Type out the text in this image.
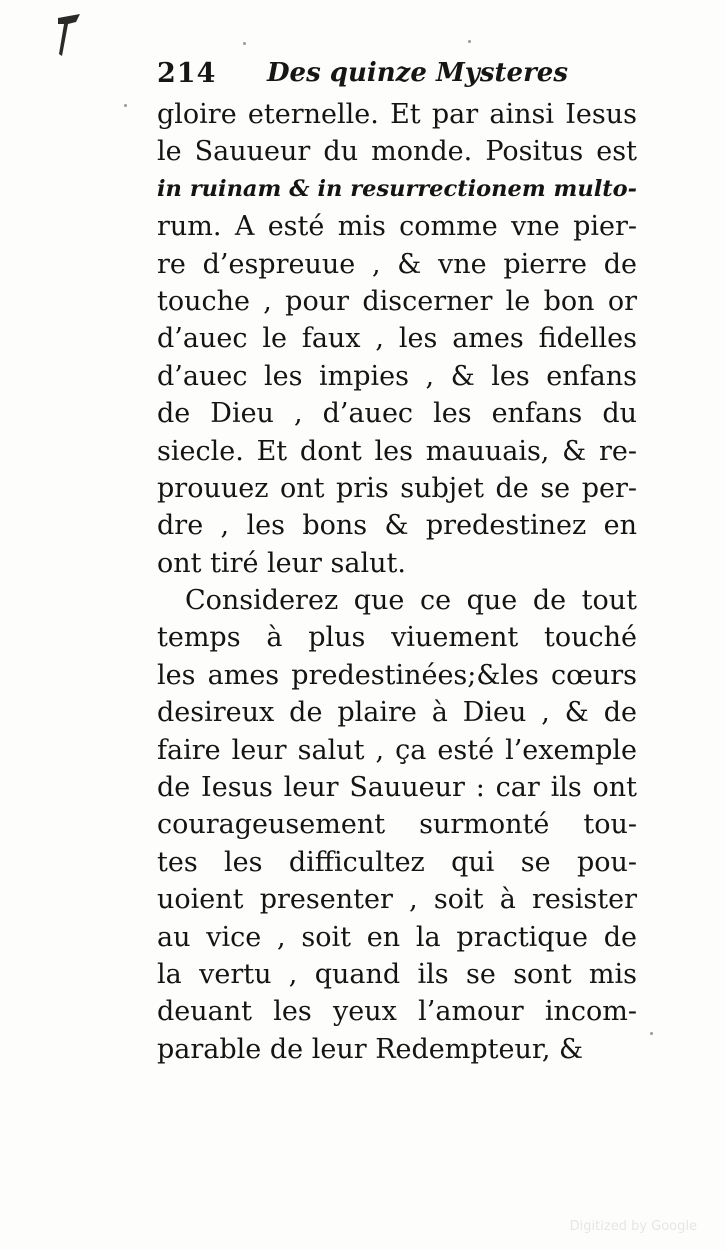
214 Des quinze Mysteres
gloire eternelle. Et par ainsi Iesus
le Sauueur du monde. Positus est
in ruinam & in resurrectionem multo-
rum. A esté mis comme vne pier-
re d’espreuue , & vne pierre de
touche , pour discerner le bon or
d’auec le faux , les ames fidelles
d’auec les impies , & les enfans
de Dieu , d’auec les enfans du
siecle. Et dont les mauuais, & re-
prouuez ont pris subjet de se per-
dre , les bons & predestinez en
ont tiré leur salut.
Considerez que ce que de tout
temps à plus viuement touché
les ames predestinées;&les cœurs
desireux de plaire à Dieu , & de
faire leur salut , ça esté l’exemple
de Iesus leur Sauueur : car ils ont
courageusement surmonté tou-
tes les difficultez qui se pou-
uoient presenter , soit à resister
au vice , soit en la practique de
la vertu , quand ils se sont mis
deuant les yeux l’amour incom-
parable de leur Redempteur, &
Digitized by Google
